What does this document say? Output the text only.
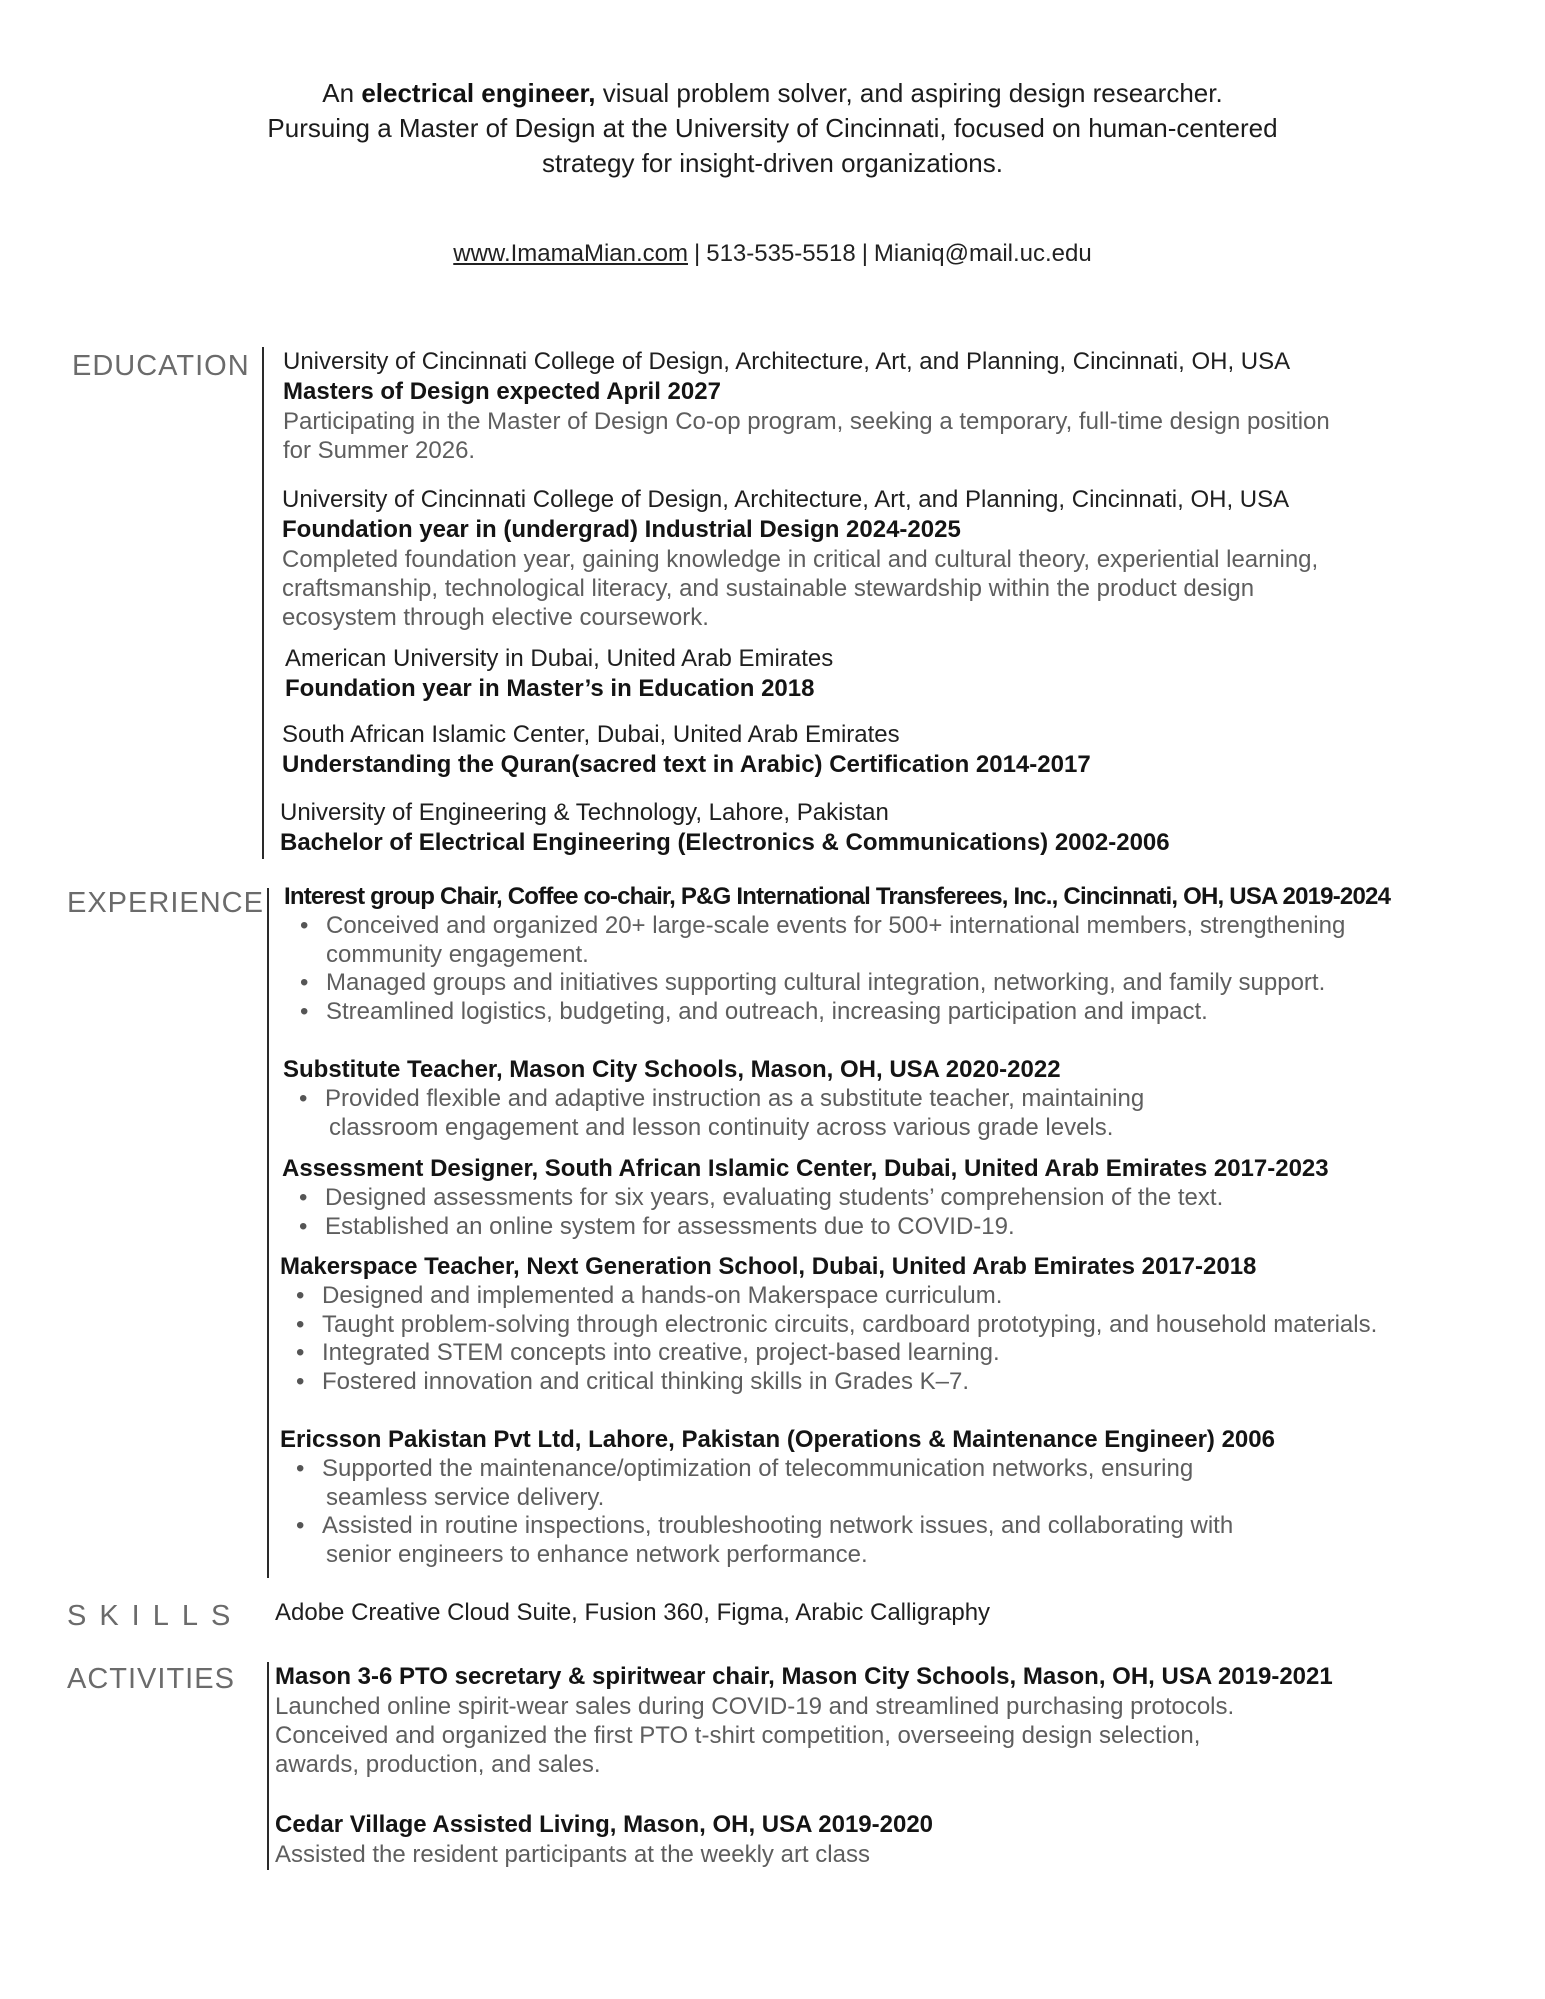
An electrical engineer, visual problem solver, and aspiring design researcher.
Pursuing a Master of Design at the University of Cincinnati, focused on human-centered
strategy for insight-driven organizations.
www.ImamaMian.com | 513-535-5518 | Mianiq@mail.uc.edu
EDUCATION
EXPERIENCE
SKILLS
ACTIVITIES
University of Cincinnati College of Design, Architecture, Art, and Planning, Cincinnati, OH, USA
Masters of Design expected April 2027
Participating in the Master of Design Co-op program, seeking a temporary, full-time design position
for Summer 2026.
University of Cincinnati College of Design, Architecture, Art, and Planning, Cincinnati, OH, USA
Foundation year in (undergrad) Industrial Design 2024-2025
Completed foundation year, gaining knowledge in critical and cultural theory, experiential learning,
craftsmanship, technological literacy, and sustainable stewardship within the product design
ecosystem through elective coursework.
American University in Dubai, United Arab Emirates
Foundation year in Master’s in Education 2018
South African Islamic Center, Dubai, United Arab Emirates
Understanding the Quran(sacred text in Arabic) Certification 2014-2017
University of Engineering & Technology, Lahore, Pakistan
Bachelor of Electrical Engineering (Electronics & Communications) 2002-2006
Interest group Chair, Coffee co-chair, P&G International Transferees, Inc., Cincinnati, OH, USA 2019-2024
• Conceived and organized 20+ large-scale events for 500+ international members, strengthening
community engagement.
• Managed groups and initiatives supporting cultural integration, networking, and family support.
• Streamlined logistics, budgeting, and outreach, increasing participation and impact.
Substitute Teacher, Mason City Schools, Mason, OH, USA 2020-2022
• Provided flexible and adaptive instruction as a substitute teacher, maintaining
classroom engagement and lesson continuity across various grade levels.
Assessment Designer, South African Islamic Center, Dubai, United Arab Emirates 2017-2023
• Designed assessments for six years, evaluating students’ comprehension of the text.
• Established an online system for assessments due to COVID-19.
Makerspace Teacher, Next Generation School, Dubai, United Arab Emirates 2017-2018
• Designed and implemented a hands-on Makerspace curriculum.
• Taught problem-solving through electronic circuits, cardboard prototyping, and household materials.
• Integrated STEM concepts into creative, project-based learning.
• Fostered innovation and critical thinking skills in Grades K–7.
Ericsson Pakistan Pvt Ltd, Lahore, Pakistan (Operations & Maintenance Engineer) 2006
• Supported the maintenance/optimization of telecommunication networks, ensuring
seamless service delivery.
• Assisted in routine inspections, troubleshooting network issues, and collaborating with
senior engineers to enhance network performance.
Adobe Creative Cloud Suite, Fusion 360, Figma, Arabic Calligraphy
Mason 3-6 PTO secretary & spiritwear chair, Mason City Schools, Mason, OH, USA 2019-2021
Launched online spirit-wear sales during COVID-19 and streamlined purchasing protocols.
Conceived and organized the first PTO t-shirt competition, overseeing design selection,
awards, production, and sales.
Cedar Village Assisted Living, Mason, OH, USA 2019-2020
Assisted the resident participants at the weekly art class
